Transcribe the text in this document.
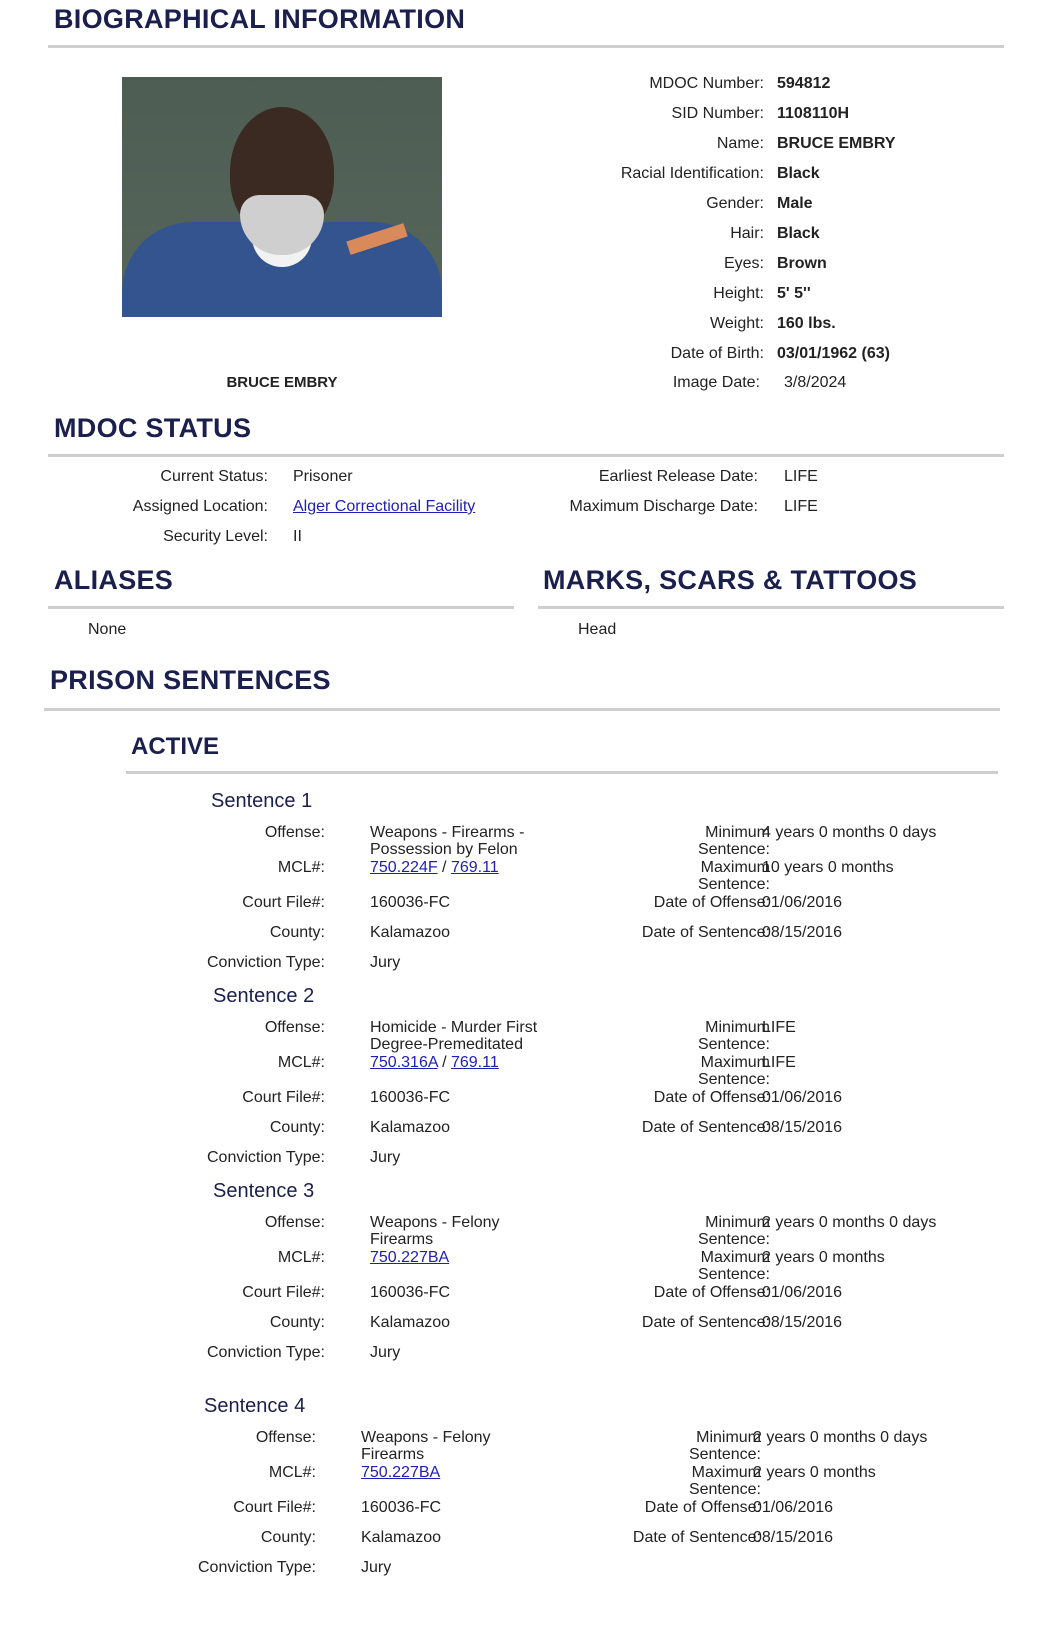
BIOGRAPHICAL INFORMATION
BRUCE EMBRY
MDOC Number: 594812
SID Number: 1108110H
Name: BRUCE EMBRY
Racial Identification: Black
Gender: Male
Hair: Black
Eyes: Brown
Height: 5' 5''
Weight: 160 lbs.
Date of Birth: 03/01/1962 (63)
Image Date: 3/8/2024
MDOC STATUS
Current Status: Prisoner
Assigned Location: Alger Correctional Facility
Security Level: II
Earliest Release Date: LIFE
Maximum Discharge Date: LIFE
ALIASES
None
MARKS, SCARS & TATTOOS
Head
PRISON SENTENCES
ACTIVE
Sentence 1
Offense:	Weapons - Firearms - Possession by Felon
MCL#:	750.224F / 769.11
Court File#:	160036-FC
County:	Kalamazoo
Conviction Type:	Jury
Minimum Sentence:
4 years 0 months 0 days
Maximum Sentence:
10 years 0 months
Date of Offense:
01/06/2016
Date of Sentence:
08/15/2016
Sentence 2
Offense:	Homicide - Murder First Degree-Premeditated
MCL#:	750.316A / 769.11
Court File#:	160036-FC
County:	Kalamazoo
Conviction Type:	Jury
Minimum Sentence:
LIFE
Maximum Sentence:
LIFE
Date of Offense:
01/06/2016
Date of Sentence:
08/15/2016
Sentence 3
Offense:	Weapons - Felony Firearms
MCL#:	750.227BA
Court File#:	160036-FC
County:	Kalamazoo
Conviction Type:	Jury
Minimum Sentence:
2 years 0 months 0 days
Maximum Sentence:
2 years 0 months
Date of Offense:
01/06/2016
Date of Sentence:
08/15/2016
Sentence 4
Offense:	Weapons - Felony Firearms
MCL#:	750.227BA
Court File#:	160036-FC
County:	Kalamazoo
Conviction Type:	Jury
Minimum Sentence:
2 years 0 months 0 days
Maximum Sentence:
2 years 0 months
Date of Offense:
01/06/2016
Date of Sentence:
08/15/2016
